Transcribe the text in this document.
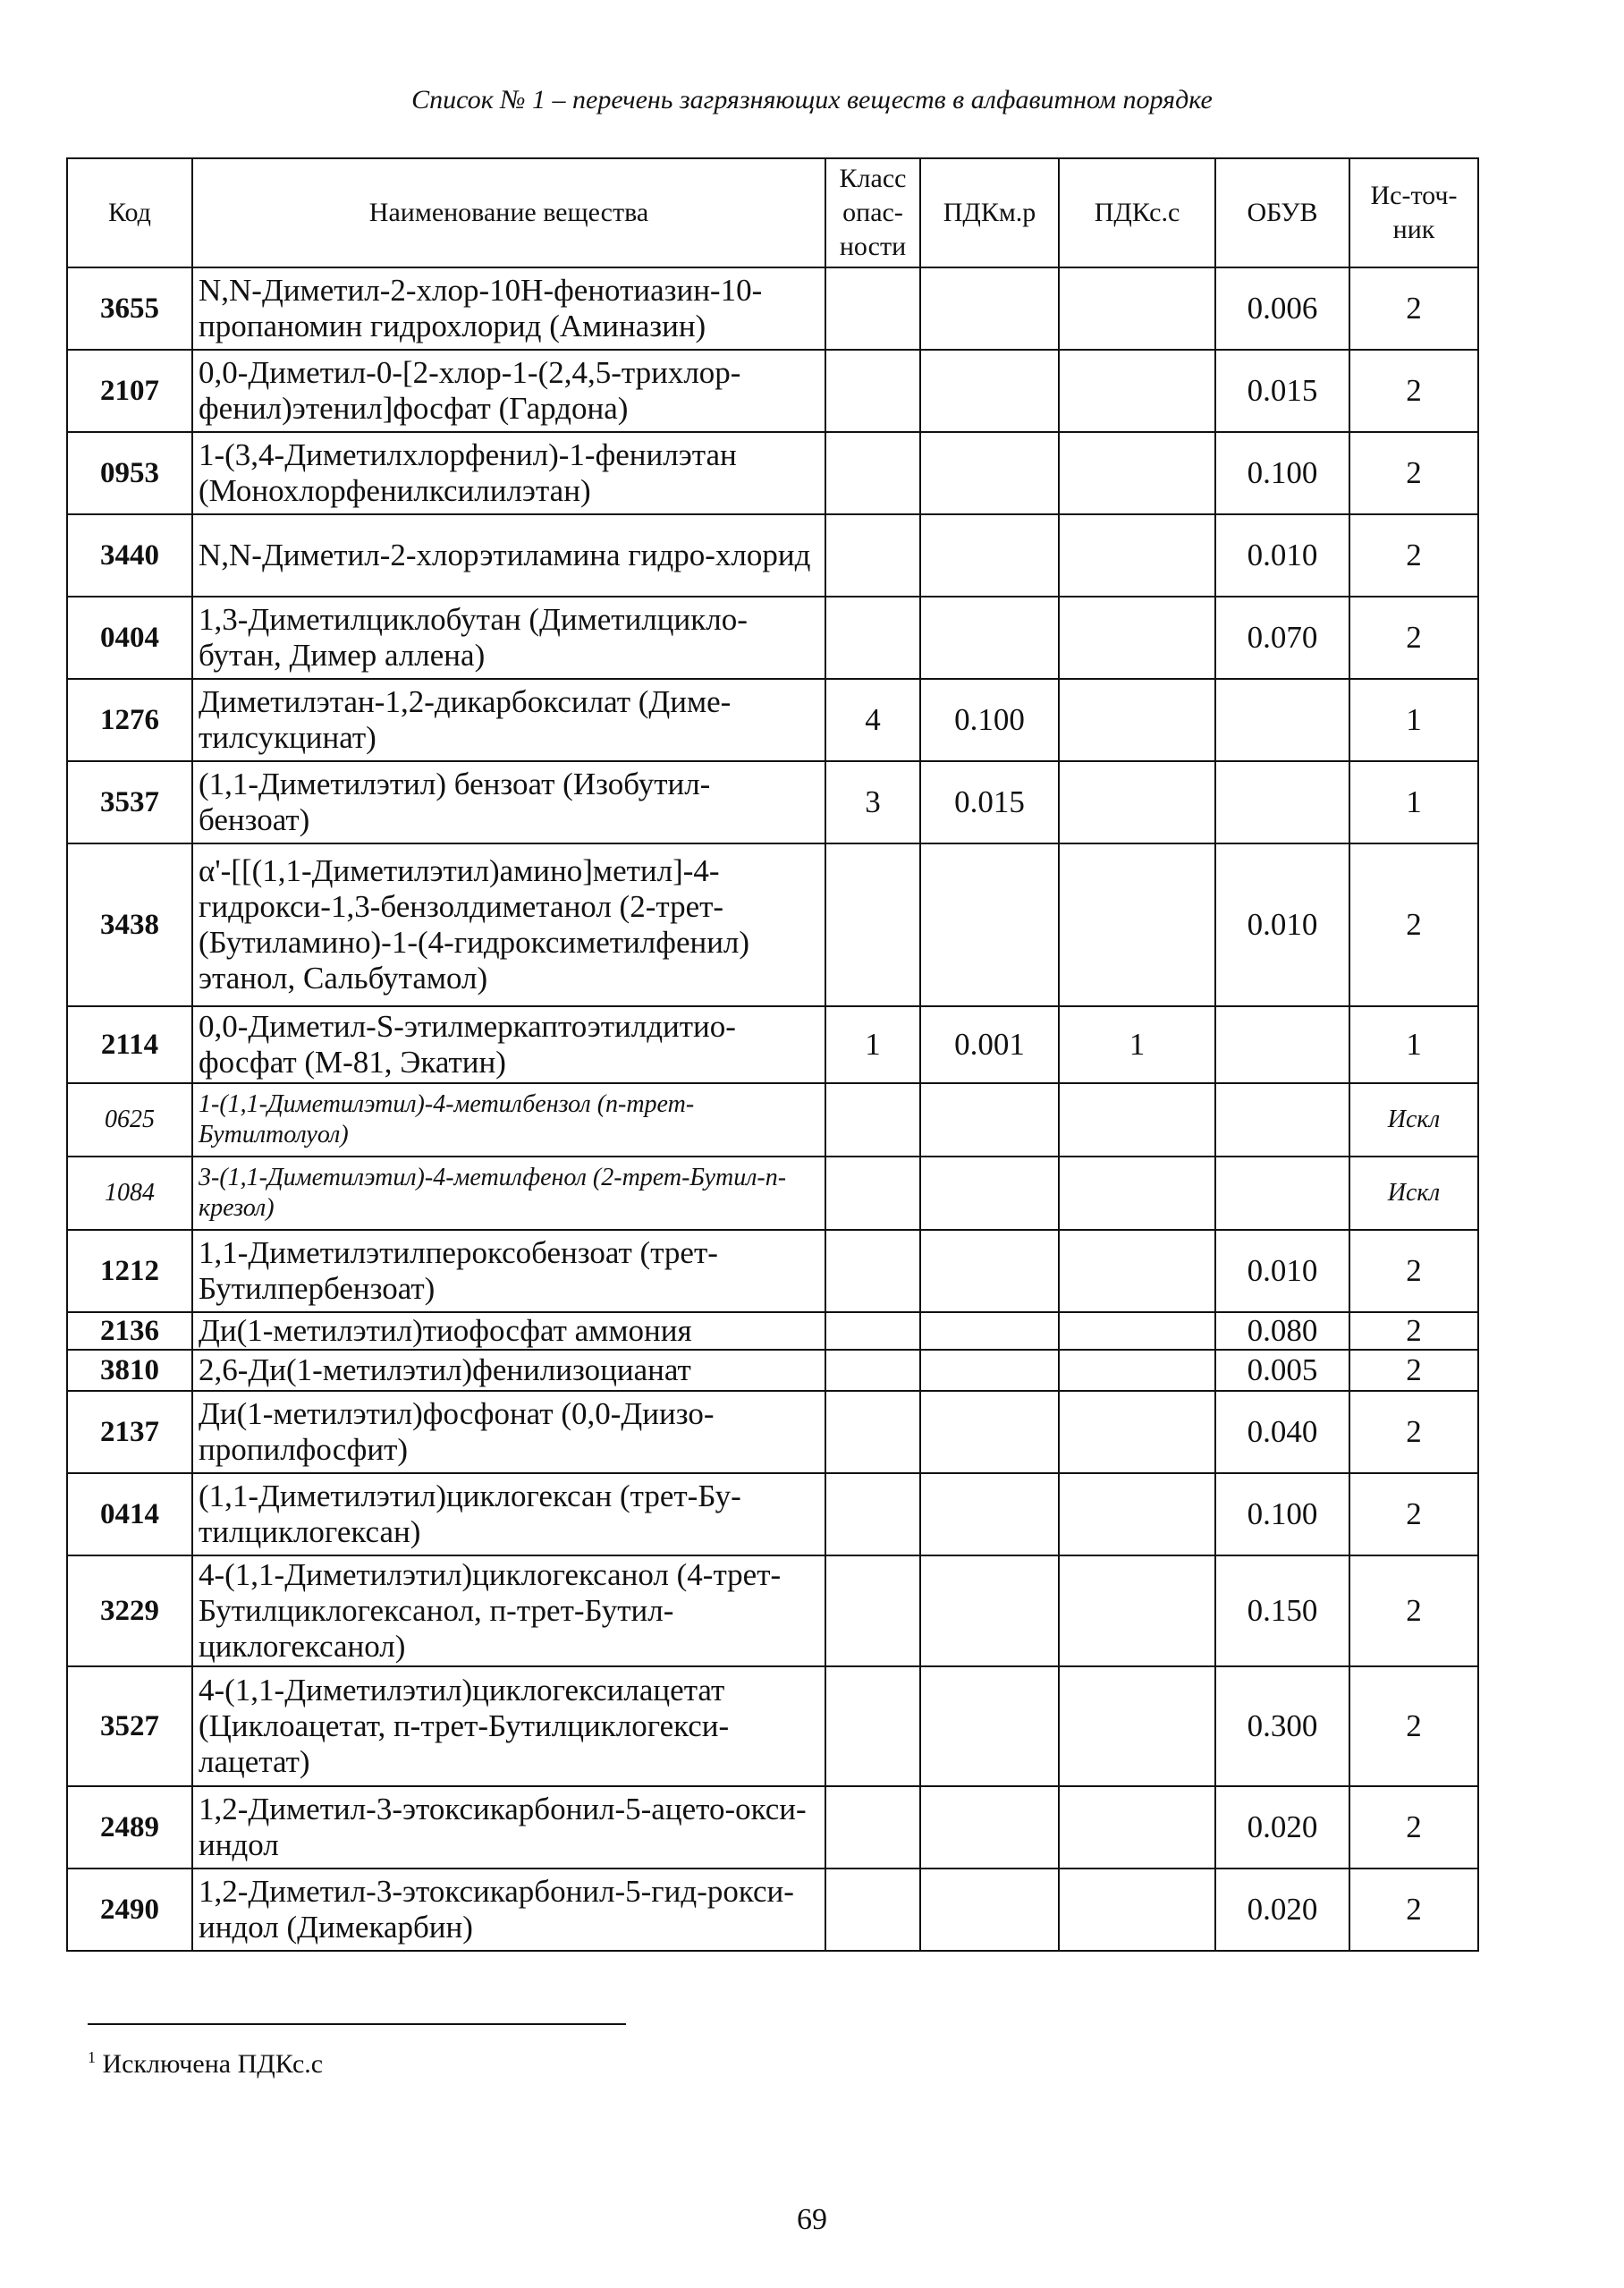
Список № 1 – перечень загрязняющих веществ в алфавитном порядке
Код	Наименование вещества	Класс опас-ности	ПДКм.р	ПДКс.с	ОБУВ	Ис-точ-ник
3655	N,N-Диметил-2-хлор-10Н-фенотиазин-10-пропаномин гидрохлорид (Аминазин)				0.006	2
2107	0,0-Диметил-0-[2-хлор-1-(2,4,5-трихлор-фенил)этенил]фосфат (Гардона)				0.015	2
0953	1-(3,4-Диметилхлорфенил)-1-фенилэтан (Монохлорфенилксилилэтан)				0.100	2
3440	N,N-Диметил-2-хлорэтиламина гидро-хлорид				0.010	2
0404	1,3-Диметилциклобутан (Диметилцикло-бутан, Димер аллена)				0.070	2
1276	Диметилэтан-1,2-дикарбоксилат (Диме-тилсукцинат)	4	0.100			1
3537	(1,1-Диметилэтил) бензоат (Изобутил-бензоат)	3	0.015			1
3438	α'-[[(1,1-Диметилэтил)амино]метил]-4-гидрокси-1,3-бензолдиметанол (2-трет-(Бутиламино)-1-(4-гидроксиметилфенил) этанол, Сальбутамол)				0.010	2
2114	0,0-Диметил-S-этилмеркаптоэтилдитио-фосфат (М-81, Экатин)	1	0.001	1		1
0625	1-(1,1-Диметилэтил)-4-метилбензол (п-трет-Бутилтолуол)					Искл
1084	3-(1,1-Диметилэтил)-4-метилфенол (2-трет-Бутил-п-крезол)					Искл
1212	1,1-Диметилэтилпероксобензоат (трет-Бутилпербензоат)				0.010	2
2136	Ди(1-метилэтил)тиофосфат аммония				0.080	2
3810	2,6-Ди(1-метилэтил)фенилизоцианат				0.005	2
2137	Ди(1-метилэтил)фосфонат (0,0-Диизо-пропилфосфит)				0.040	2
0414	(1,1-Диметилэтил)циклогексан (трет-Бу-тилциклогексан)				0.100	2
3229	4-(1,1-Диметилэтил)циклогексанол (4-трет-Бутилциклогексанол, п-трет-Бутил-циклогексанол)				0.150	2
3527	4-(1,1-Диметилэтил)циклогексилацетат (Циклоацетат, п-трет-Бутилциклогекси-лацетат)				0.300	2
2489	1,2-Диметил-3-этоксикарбонил-5-ацето-окси-индол				0.020	2
2490	1,2-Диметил-3-этоксикарбонил-5-гид-рокси-индол (Димекарбин)				0.020	2
$^1$ Исключена ПДКс.с
69
